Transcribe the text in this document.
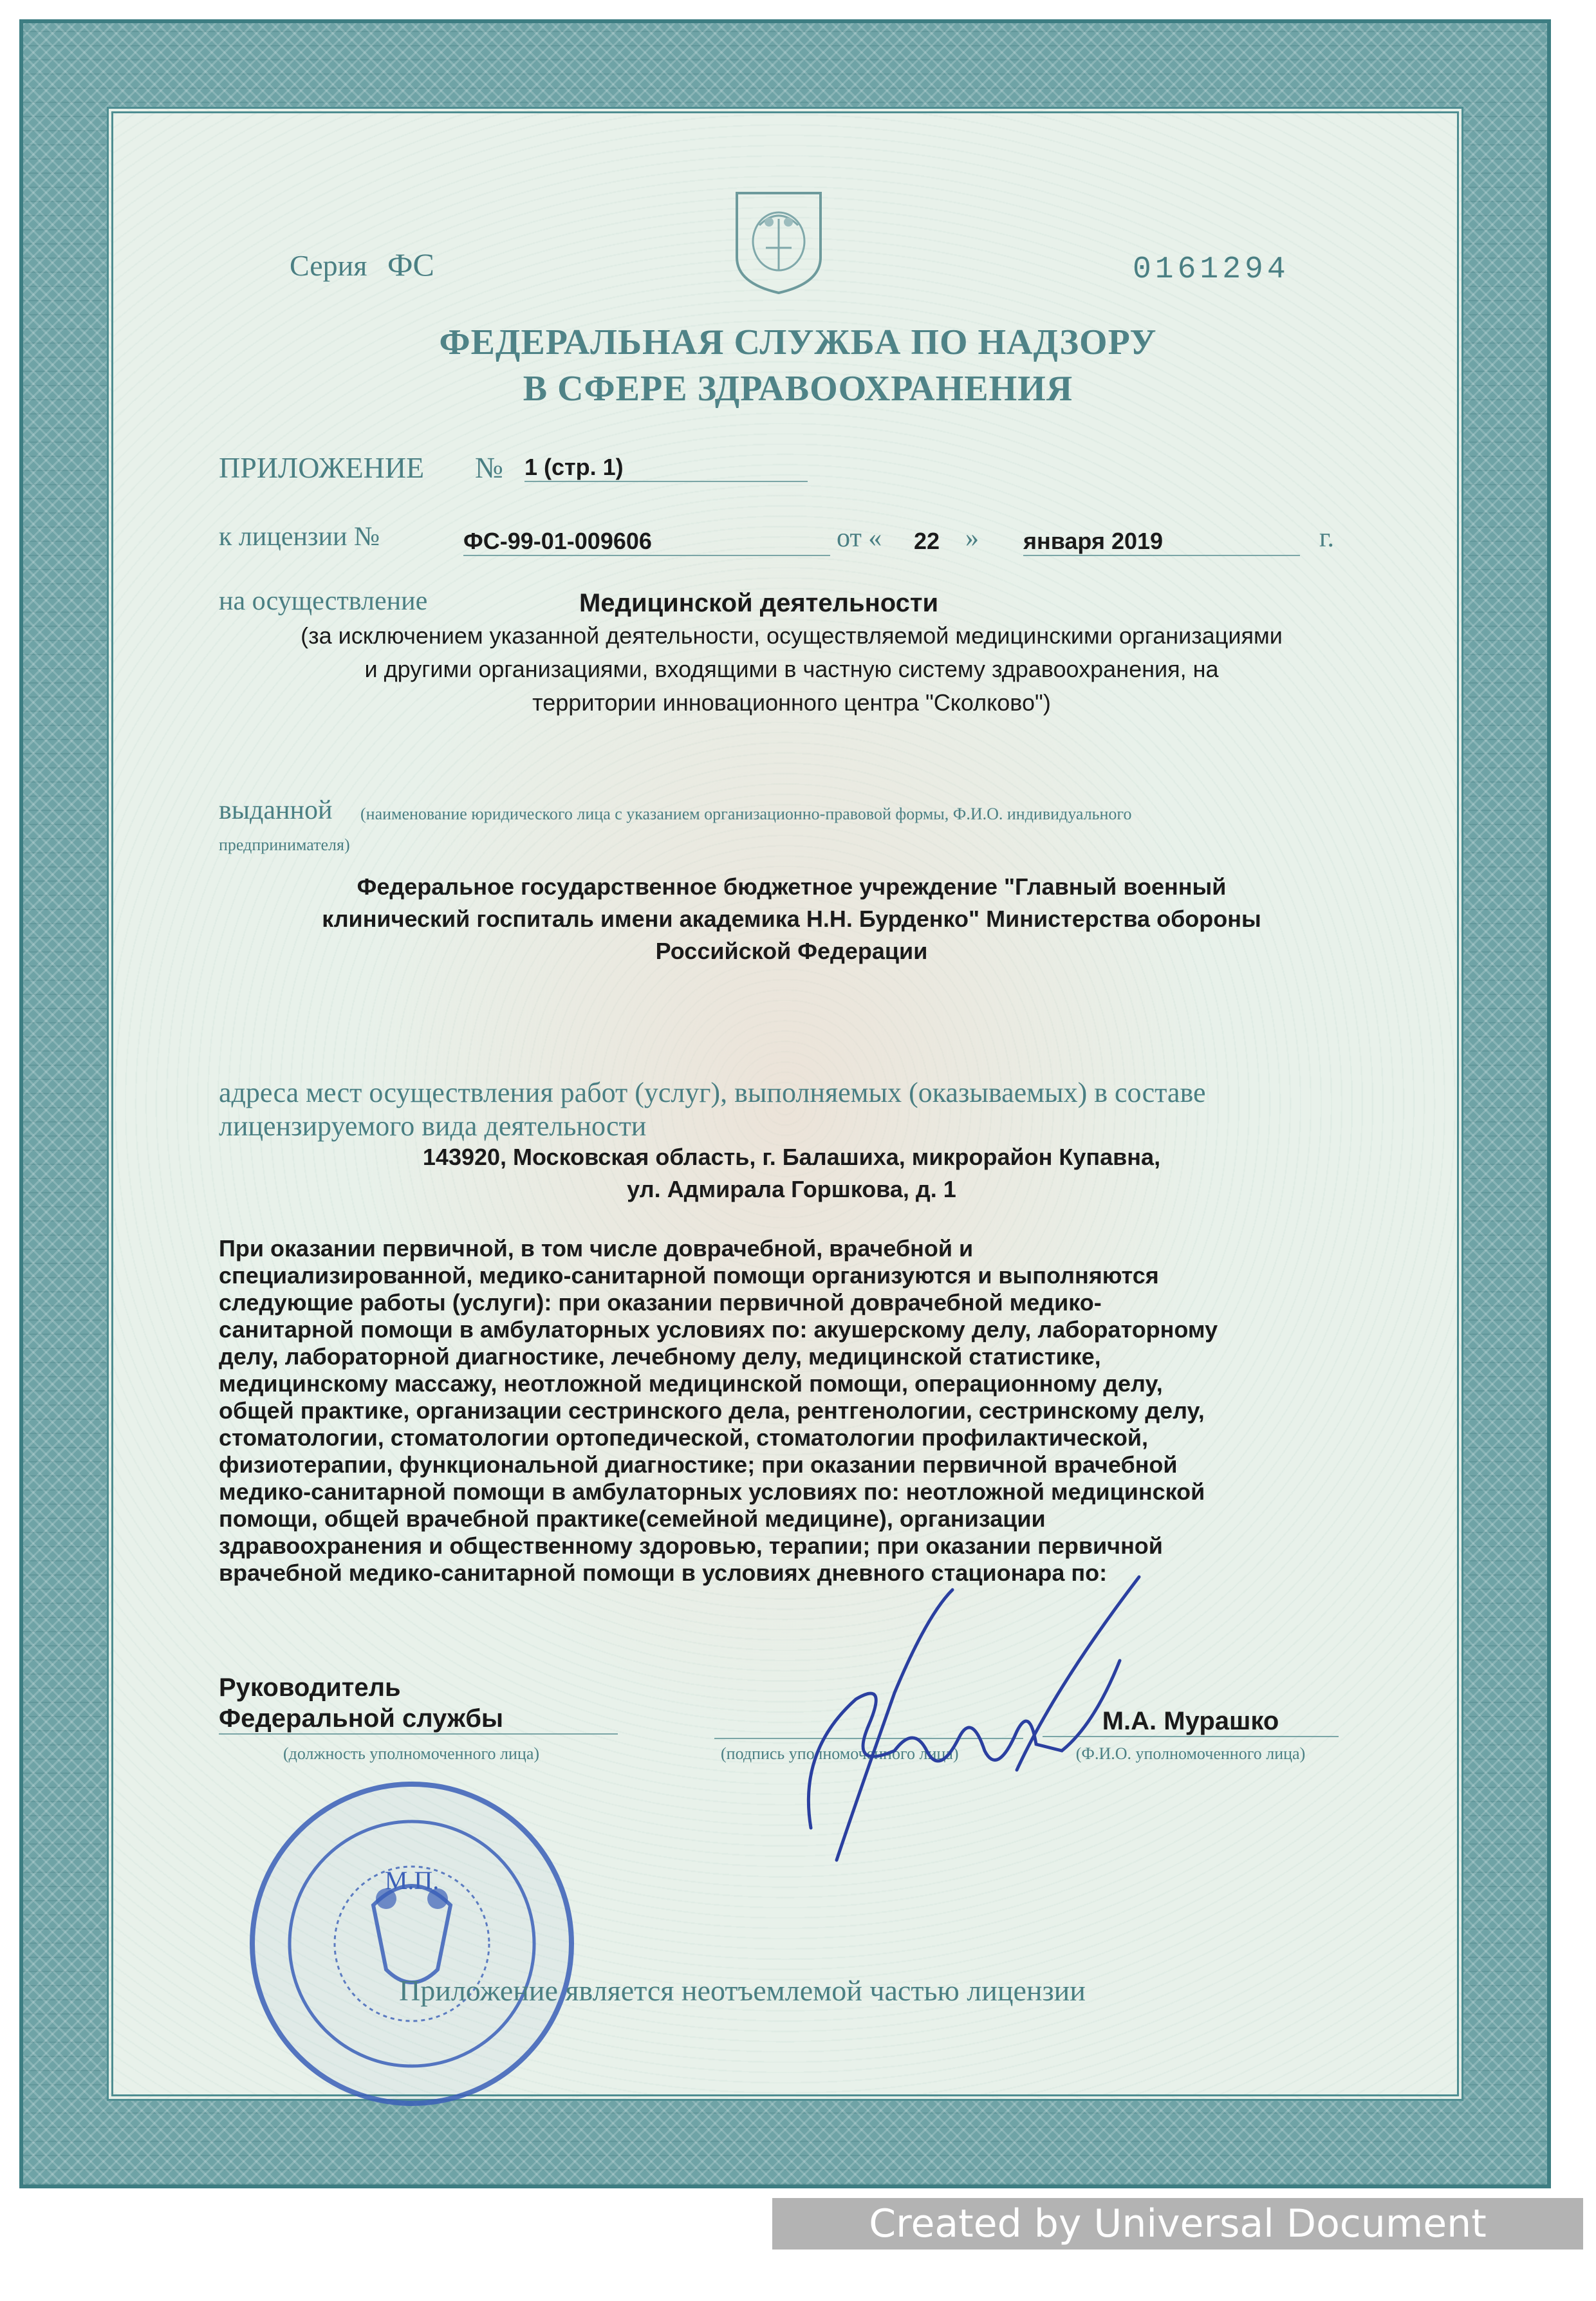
Серия ФС	0161294
ФЕДЕРАЛЬНАЯ СЛУЖБА ПО НАДЗОРУ
В СФЕРЕ ЗДРАВООХРАНЕНИЯ
ПРИЛОЖЕНИЕ № 1 (стр. 1)
к лицензии №	ФС-99-01-009606	от « 22 » января 2019	г.
на осуществление	Медицинской деятельности
(за исключением указанной деятельности, осуществляемой медицинскими организациями
и другими организациями, входящими в частную систему здравоохранения, на
территории инновационного центра "Сколково")
выданной (наименование юридического лица с указанием организационно-правовой формы, Ф.И.О. индивидуального
предпринимателя)
Федеральное государственное бюджетное учреждение "Главный военный
клинический госпиталь имени академика Н.Н. Бурденко" Министерства обороны
Российской Федерации
адреса мест осуществления работ (услуг), выполняемых (оказываемых) в составе
лицензируемого вида деятельности
143920, Московская область, г. Балашиха, микрорайон Купавна,
ул. Адмирала Горшкова, д. 1
При оказании первичной, в том числе доврачебной, врачебной и
специализированной, медико-санитарной помощи организуются и выполняются
следующие работы (услуги): при оказании первичной доврачебной медико-
санитарной помощи в амбулаторных условиях по: акушерскому делу, лабораторному
делу, лабораторной диагностике, лечебному делу, медицинской статистике,
медицинскому массажу, неотложной медицинской помощи, операционному делу,
общей практике, организации сестринского дела, рентгенологии, сестринскому делу,
стоматологии, стоматологии ортопедической, стоматологии профилактической,
физиотерапии, функциональной диагностике; при оказании первичной врачебной
медико-санитарной помощи в амбулаторных условиях по: неотложной медицинской
помощи, общей врачебной практике(семейной медицине), организации
здравоохранения и общественному здоровью, терапии; при оказании первичной
врачебной медико-санитарной помощи в условиях дневного стационара по:
Руководитель
Федеральной службы
(должность уполномоченного лица)	(подпись уполномоченного лица)
М.А. Мурашко
(Ф.И.О. уполномоченного лица)
М.П.
Приложение является неотъемлемой частью лицензии
Created by Universal Document Converter
